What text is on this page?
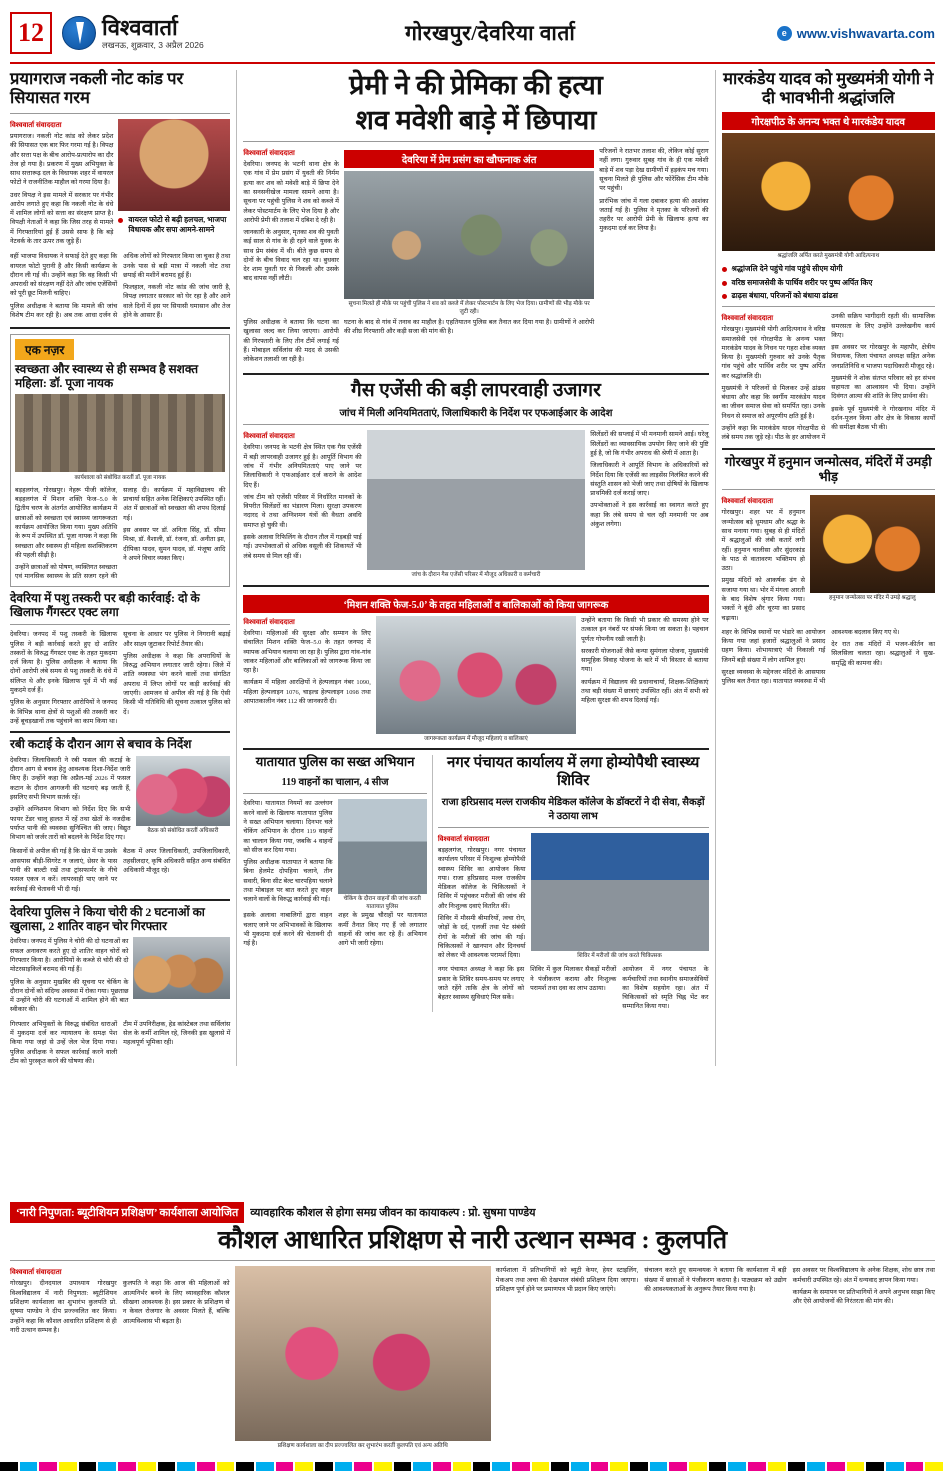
12	विश्ववार्ता
लखनऊ, शुक्रवार, 3 अप्रैल 2026	गोरखपुर/देवरिया वार्ता	e www.vishwavarta.com
प्रयागराज नकली नोट कांड पर सियासत गरम
विश्ववार्ता संवाददाता

प्रयागराज। नकली नोट कांड को लेकर प्रदेश की सियासत एक बार फिर गरमा गई है। विपक्ष और सत्ता पक्ष के बीच आरोप-प्रत्यारोप का दौर तेज हो गया है। प्रकरण में मुख्य अभियुक्त के साथ सत्तारूढ़ दल के विधायक शहर में वायरल फोटो ने राजनीतिक माहौल को गरमा दिया है।

उधर विपक्ष ने इस मामले में सरकार पर गंभीर आरोप लगाते हुए कहा कि नकली नोट के धंधे में शामिल लोगों को सत्ता का संरक्षण प्राप्त है। विपक्षी नेताओं ने कहा कि जिस तरह से मामले में गिरफ्तारियां हुई हैं उससे साफ है कि बड़े नेटवर्क के तार ऊपर तक जुड़े हैं।

वायरल फोटो से बढ़ी हलचल, भाजपा विधायक और सपा आमने-सामने

वहीं भाजपा विधायक ने सफाई देते हुए कहा कि वायरल फोटो पुरानी है और किसी कार्यक्रम के दौरान ली गई थी। उन्होंने कहा कि वह किसी भी अपराधी को संरक्षण नहीं देते और जांच एजेंसियों को पूरी छूट मिलनी चाहिए।

पुलिस अधीक्षक ने बताया कि मामले की जांच विशेष टीम कर रही है। अब तक आधा दर्जन से अधिक लोगों को गिरफ्तार किया जा चुका है तथा उनके पास से बड़ी मात्रा में नकली नोट तथा छपाई की मशीनें बरामद हुई हैं।

फिलहाल, नकली नोट कांड की जांच जारी है, विपक्ष लगातार सरकार को घेर रहा है और आने वाले दिनों में इस पर सियासी घमासान और तेज होने के आसार हैं।

एक नज़र
स्वच्छता और स्वास्थ्य से ही सम्भव है सशक्त महिला: डॉ. पूजा नायक
कार्यशाला को संबोधित करतीं डॉ. पूजा नायक

बड़हलगंज, गोरखपुर। नेहरू पीजी कॉलेज, बड़हलगंज में मिशन शक्ति फेज–5.0 के द्वितीय चरण के अंतर्गत आयोजित कार्यक्रम में छात्राओं को स्वच्छता एवं स्वास्थ्य जागरूकता कार्यक्रम आयोजित किया गया। मुख्य अतिथि के रूप में उपस्थित डॉ. पूजा नायक ने कहा कि स्वच्छता और स्वास्थ्य ही महिला सशक्तिकरण की पहली सीढ़ी है।

उन्होंने छात्राओं को पोषण, व्यक्तिगत स्वच्छता एवं मानसिक स्वास्थ्य के प्रति सजग रहने की सलाह दी। कार्यक्रम में महाविद्यालय की प्राचार्या सहित अनेक शिक्षिकाएं उपस्थित रहीं। अंत में छात्राओं को स्वच्छता की शपथ दिलाई गई।

इस अवसर पर डॉ. अनिता सिंह, डॉ. सीमा मिश्रा, डॉ. वैशाली, डॉ. रंजना, डॉ. अनीता झा, दीपिका यादव, सुमन यादव, डॉ. मंजूषा आदि ने अपने विचार व्यक्त किए।

देवरिया में पशु तस्करी पर बड़ी कार्रवाई: दो के खिलाफ गैंगस्टर एक्ट लगा

देवरिया। जनपद में पशु तस्करी के खिलाफ पुलिस ने बड़ी कार्रवाई करते हुए दो शातिर तस्करों के विरुद्ध गैंगस्टर एक्ट के तहत मुकदमा दर्ज किया है। पुलिस अधीक्षक ने बताया कि दोनों आरोपी लंबे समय से पशु तस्करी के धंधे में संलिप्त थे और इनके खिलाफ पूर्व में भी कई मुकदमे दर्ज हैं।

पुलिस के अनुसार गिरफ्तार आरोपियों ने जनपद के विभिन्न थाना क्षेत्रों से पशुओं की तस्करी कर उन्हें बूचड़खानों तक पहुंचाने का काम किया था। सूचना के आधार पर पुलिस ने निगरानी बढ़ाई और साक्ष्य जुटाकर रिपोर्ट तैयार की।

पुलिस अधीक्षक ने कहा कि अपराधियों के विरुद्ध अभियान लगातार जारी रहेगा। जिले में शांति व्यवस्था भंग करने वालों तथा संगठित अपराध में लिप्त लोगों पर कड़ी कार्रवाई की जाएगी। आमजन से अपील की गई है कि ऐसी किसी भी गतिविधि की सूचना तत्काल पुलिस को दें।

रबी कटाई के दौरान आग से बचाव के निर्देश

देवरिया। जिलाधिकारी ने रबी फसल की कटाई के दौरान आग से बचाव हेतु आवश्यक दिशा-निर्देश जारी किए हैं। उन्होंने कहा कि अप्रैल-मई 2026 में फसल कटान के दौरान आगजनी की घटनाएं बढ़ जाती हैं, इसलिए सभी विभाग सतर्क रहें।

उन्होंने अग्निशमन विभाग को निर्देश दिए कि सभी फायर टेंडर चालू हालत में रहें तथा खेतों के नजदीक पर्याप्त पानी की व्यवस्था सुनिश्चित की जाए। विद्युत विभाग को जर्जर तारों को बदलने के निर्देश दिए गए।

बैठक को संबोधित करतीं अधिकारी

किसानों से अपील की गई है कि खेत में या उसके आसपास बीड़ी-सिगरेट न जलाएं, थ्रेसर के पास पानी की बाल्टी रखें तथा ट्रांसफार्मर के नीचे फसल एकत्र न करें। लापरवाही पाए जाने पर कार्रवाई की चेतावनी भी दी गई।

बैठक में अपर जिलाधिकारी, उपजिलाधिकारी, तहसीलदार, कृषि अधिकारी सहित अन्य संबंधित अधिकारी मौजूद रहे।

देवरिया पुलिस ने किया चोरी की 2 घटनाओं का खुलासा, 2 शातिर वाहन चोर गिरफ्तार

देवरिया। जनपद में पुलिस ने चोरी की दो घटनाओं का सफल अनावरण करते हुए दो शातिर वाहन चोरों को गिरफ्तार किया है। आरोपियों के कब्जे से चोरी की दो मोटरसाइकिलें बरामद की गई हैं।

पुलिस के अनुसार मुखबिर की सूचना पर चेकिंग के दौरान दोनों को संदिग्ध अवस्था में रोका गया। पूछताछ में उन्होंने चोरी की घटनाओं में शामिल होने की बात स्वीकार की।

गिरफ्तार अभियुक्तों के विरुद्ध संबंधित धाराओं में मुकदमा दर्ज कर न्यायालय के समक्ष पेश किया गया जहां से उन्हें जेल भेज दिया गया। पुलिस अधीक्षक ने सफल कार्रवाई करने वाली टीम को पुरस्कृत करने की घोषणा की।

टीम में उपनिरीक्षक, हेड कांस्टेबल तथा सर्विलांस सेल के कर्मी शामिल रहे, जिनकी इस खुलासे में महत्वपूर्ण भूमिका रही।

प्रेमी ने की प्रेमिका की हत्या
शव मवेशी बाड़े में छिपाया
विश्ववार्ता संवाददाता

देवरिया। जनपद के भटनी थाना क्षेत्र के एक गांव में प्रेम प्रसंग में युवती की निर्मम हत्या कर शव को मवेशी बाड़े में छिपा देने का सनसनीखेज मामला सामने आया है। सूचना पर पहुंची पुलिस ने शव को कब्जे में लेकर पोस्टमार्टम के लिए भेज दिया है और आरोपी प्रेमी की तलाश में दबिश दे रही है।

जानकारी के अनुसार, मृतका शव की युवती कई साल से गांव के ही रहने वाले युवक के साथ प्रेम संबंध में थी। बीते कुछ समय से दोनों के बीच विवाद चल रहा था। बुधवार देर शाम युवती घर से निकली और उसके बाद वापस नहीं लौटी।

देवरिया में प्रेम प्रसंग का खौफनाक अंत
सूचना मिलते ही मौके पर पहुंची पुलिस ने शव को कब्जे में लेकर पोस्टमार्टम के लिए भेज दिया। ग्रामीणों की भीड़ मौके पर जुटी रही।

परिजनों ने रातभर तलाश की, लेकिन कोई सुराग नहीं लगा। गुरुवार सुबह गांव के ही एक मवेशी बाड़े में शव पड़ा देख ग्रामीणों में हड़कंप मच गया। सूचना मिलते ही पुलिस और फोरेंसिक टीम मौके पर पहुंची।

प्रारंभिक जांच में गला दबाकर हत्या की आशंका जताई गई है। पुलिस ने मृतका के परिजनों की तहरीर पर आरोपी प्रेमी के खिलाफ हत्या का मुकदमा दर्ज कर लिया है।

पुलिस अधीक्षक ने बताया कि घटना का खुलासा जल्द कर लिया जाएगा। आरोपी की गिरफ्तारी के लिए तीन टीमें लगाई गई हैं। मोबाइल सर्विलांस की मदद से उसकी लोकेशन तलाशी जा रही है।

घटना के बाद से गांव में तनाव का माहौल है। एहतियातन पुलिस बल तैनात कर दिया गया है। ग्रामीणों ने आरोपी की शीघ्र गिरफ्तारी और कड़ी सजा की मांग की है।

गैस एजेंसी की बड़ी लापरवाही उजागर
जांच में मिली अनियमितताएं, जिलाधिकारी के निर्देश पर एफआईआर के आदेश
विश्ववार्ता संवाददाता

देवरिया। जनपद के भटनी क्षेत्र स्थित एक गैस एजेंसी में बड़ी लापरवाही उजागर हुई है। आपूर्ति विभाग की जांच में गंभीर अनियमितताएं पाए जाने पर जिलाधिकारी ने एफआईआर दर्ज कराने के आदेश दिए हैं।

जांच टीम को एजेंसी परिसर में निर्धारित मानकों के विपरीत सिलेंडरों का भंडारण मिला। सुरक्षा उपकरण नदारद थे तथा अग्निशमन यंत्रों की वैधता अवधि समाप्त हो चुकी थी।

इसके अलावा रिफिलिंग के दौरान तौल में गड़बड़ी पाई गई। उपभोक्ताओं से अधिक वसूली की शिकायतें भी लंबे समय से मिल रही थीं।

जांच के दौरान गैस एजेंसी परिसर में मौजूद अधिकारी व कर्मचारी

सिलेंडरों की सप्लाई में भी मनमानी सामने आई। घरेलू सिलेंडरों का व्यावसायिक उपयोग किए जाने की पुष्टि हुई है, जो कि गंभीर अपराध की श्रेणी में आता है।

जिलाधिकारी ने आपूर्ति विभाग के अधिकारियों को निर्देश दिया कि एजेंसी का लाइसेंस निलंबित करने की संस्तुति शासन को भेजी जाए तथा दोषियों के खिलाफ प्राथमिकी दर्ज कराई जाए।

उपभोक्ताओं ने इस कार्रवाई का स्वागत करते हुए कहा कि लंबे समय से चल रही मनमानी पर अब अंकुश लगेगा।

‘मिशन शक्ति फेज-5.0’ के तहत महिलाओं व बालिकाओं को किया जागरूक
विश्ववार्ता संवाददाता

देवरिया। महिलाओं की सुरक्षा और सम्मान के लिए संचालित मिशन शक्ति फेज–5.0 के तहत जनपद में व्यापक अभियान चलाया जा रहा है। पुलिस द्वारा गांव-गांव जाकर महिलाओं और बालिकाओं को जागरूक किया जा रहा है।

कार्यक्रम में महिला आरक्षियों ने हेल्पलाइन नंबर 1090, महिला हेल्पलाइन 1076, चाइल्ड हेल्पलाइन 1098 तथा आपातकालीन नंबर 112 की जानकारी दी।

जागरूकता कार्यक्रम में मौजूद महिलाएं व बालिकाएं

उन्होंने बताया कि किसी भी प्रकार की समस्या होने पर तत्काल इन नंबरों पर संपर्क किया जा सकता है। पहचान पूर्णतः गोपनीय रखी जाती है।

सरकारी योजनाओं जैसे कन्या सुमंगला योजना, मुख्यमंत्री सामूहिक विवाह योजना के बारे में भी विस्तार से बताया गया।

कार्यक्रम में विद्यालय की प्रधानाचार्या, शिक्षक-शिक्षिकाएं तथा बड़ी संख्या में छात्राएं उपस्थित रहीं। अंत में सभी को महिला सुरक्षा की शपथ दिलाई गई।

यातायात पुलिस का सख्त अभियान
119 वाहनों का चालान, 4 सीज

देवरिया। यातायात नियमों का उल्लंघन करने वालों के खिलाफ यातायात पुलिस ने सख्त अभियान चलाया। दिनभर चले चेकिंग अभियान के दौरान 119 वाहनों का चालान किया गया, जबकि 4 वाहनों को सीज कर दिया गया।

पुलिस अधीक्षक यातायात ने बताया कि बिना हेलमेट दोपहिया चलाने, तीन सवारी, बिना सीट बेल्ट चारपहिया चलाने तथा मोबाइल पर बात करते हुए वाहन चलाने वालों के विरुद्ध कार्रवाई की गई।	चेकिंग के दौरान वाहनों की जांच करती यातायात पुलिस

इसके अलावा नाबालिगों द्वारा वाहन चलाए जाने पर अभिभावकों के खिलाफ भी मुकदमा दर्ज करने की चेतावनी दी गई है।

शहर के प्रमुख चौराहों पर यातायात कर्मी तैनात किए गए हैं जो लगातार वाहनों की जांच कर रहे हैं। अभियान आगे भी जारी रहेगा।

नगर पंचायत कार्यालय में लगा होम्योपैथी स्वास्थ्य शिविर
राजा हरिप्रसाद मल्ल राजकीय मेडिकल कॉलेज के डॉक्टरों ने दी सेवा, सैकड़ों ने उठाया लाभ
विश्ववार्ता संवाददाता

बड़हलगंज, गोरखपुर। नगर पंचायत कार्यालय परिसर में निःशुल्क होम्योपैथी स्वास्थ्य शिविर का आयोजन किया गया। राजा हरिप्रसाद मल्ल राजकीय मेडिकल कॉलेज के चिकित्सकों ने शिविर में पहुंचकर मरीजों की जांच की और निःशुल्क दवाएं वितरित कीं।

शिविर में मौसमी बीमारियों, त्वचा रोग, जोड़ों के दर्द, एलर्जी तथा पेट संबंधी रोगों के मरीजों की जांच की गई। चिकित्सकों ने खानपान और दिनचर्या को लेकर भी आवश्यक परामर्श दिया।	शिविर में मरीजों की जांच करते चिकित्सक

नगर पंचायत अध्यक्ष ने कहा कि इस प्रकार के शिविर समय-समय पर लगाए जाते रहेंगे ताकि क्षेत्र के लोगों को बेहतर स्वास्थ्य सुविधाएं मिल सकें।

शिविर में कुल मिलाकर सैकड़ों मरीजों ने पंजीकरण कराया और निःशुल्क परामर्श तथा दवा का लाभ उठाया।

आयोजन में नगर पंचायत के कर्मचारियों तथा स्थानीय समाजसेवियों का विशेष सहयोग रहा। अंत में चिकित्सकों को स्मृति चिह्न भेंट कर सम्मानित किया गया।

मारकंडेय यादव को मुख्यमंत्री योगी ने दी भावभीनी श्रद्धांजलि
गोरक्षपीठ के अनन्य भक्त थे मारकंडेय यादव
श्रद्धांजलि अर्पित करते मुख्यमंत्री योगी आदित्यनाथ
श्रद्धांजलि देने पहुंचे गांव पहुंचे सीएम योगी
वरिष्ठ समाजसेवी के पार्थिव शरीर पर पुष्प अर्पित किए
ढाढ़स बंधाया, परिजनों को बंधाया ढांढस
विश्ववार्ता संवाददाता

गोरखपुर। मुख्यमंत्री योगी आदित्यनाथ ने वरिष्ठ समाजसेवी एवं गोरक्षपीठ के अनन्य भक्त मारकंडेय यादव के निधन पर गहरा शोक व्यक्त किया है। मुख्यमंत्री गुरुवार को उनके पैतृक गांव पहुंचे और पार्थिव शरीर पर पुष्प अर्पित कर श्रद्धांजलि दी।

मुख्यमंत्री ने परिजनों से मिलकर उन्हें ढांढस बंधाया और कहा कि स्वर्गीय मारकंडेय यादव का जीवन समाज सेवा को समर्पित रहा। उनके निधन से समाज को अपूरणीय क्षति हुई है।

उन्होंने कहा कि मारकंडेय यादव गोरक्षपीठ से लंबे समय तक जुड़े रहे। पीठ के हर आयोजन में उनकी सक्रिय भागीदारी रहती थी। सामाजिक समरसता के लिए उन्होंने उल्लेखनीय कार्य किए।

इस अवसर पर गोरखपुर के महापौर, क्षेत्रीय विधायक, जिला पंचायत अध्यक्ष सहित अनेक जनप्रतिनिधि व भाजपा पदाधिकारी मौजूद रहे।

मुख्यमंत्री ने शोक संतप्त परिवार को हर संभव सहायता का आश्वासन भी दिया। उन्होंने दिवंगत आत्मा की शांति के लिए प्रार्थना की।

इसके पूर्व मुख्यमंत्री ने गोरखनाथ मंदिर में दर्शन-पूजन किया और क्षेत्र के विकास कार्यों की समीक्षा बैठक भी की।

गोरखपुर में हनुमान जन्मोत्सव, मंदिरों में उमड़ी भीड़
विश्ववार्ता संवाददाता

गोरखपुर। शहर भर में हनुमान जन्मोत्सव बड़े धूमधाम और श्रद्धा के साथ मनाया गया। सुबह से ही मंदिरों में श्रद्धालुओं की लंबी कतारें लगी रहीं। हनुमान चालीसा और सुंदरकांड के पाठ से वातावरण भक्तिमय हो उठा।

प्रमुख मंदिरों को आकर्षक ढंग से सजाया गया था। भोर में मंगला आरती के बाद विशेष श्रृंगार किया गया। भक्तों ने बूंदी और चूरमा का प्रसाद चढ़ाया।

हनुमान जन्मोत्सव पर मंदिर में उमड़े श्रद्धालु

शहर के विभिन्न स्थानों पर भंडारे का आयोजन किया गया जहां हजारों श्रद्धालुओं ने प्रसाद ग्रहण किया। शोभायात्राएं भी निकाली गईं जिनमें बड़ी संख्या में लोग शामिल हुए।

सुरक्षा व्यवस्था के मद्देनजर मंदिरों के आसपास पुलिस बल तैनात रहा। यातायात व्यवस्था में भी आवश्यक बदलाव किए गए थे।

देर रात तक मंदिरों में भजन-कीर्तन का सिलसिला चलता रहा। श्रद्धालुओं ने सुख-समृद्धि की कामना की।

‘नारी निपुणता: ब्यूटीशियन प्रशिक्षण’ कार्यशाला आयोजित	व्यावहारिक कौशल से होगा समग्र जीवन का कायाकल्प : प्रो. सुषमा पाण्डेय
कौशल आधारित प्रशिक्षण से नारी उत्थान सम्भव : कुलपति
विश्ववार्ता संवाददाता

गोरखपुर। दीनदयाल उपाध्याय गोरखपुर विश्वविद्यालय में नारी निपुणता: ब्यूटीशियन प्रशिक्षण कार्यशाला का शुभारंभ कुलपति प्रो. सुषमा पाण्डेय ने दीप प्रज्ज्वलित कर किया। उन्होंने कहा कि कौशल आधारित प्रशिक्षण से ही नारी उत्थान सम्भव है।

कुलपति ने कहा कि आज की महिलाओं को आत्मनिर्भर बनने के लिए व्यावहारिक कौशल सीखना आवश्यक है। इस प्रकार के प्रशिक्षण से न केवल रोजगार के अवसर मिलते हैं, बल्कि आत्मविश्वास भी बढ़ता है।

प्रशिक्षण कार्यशाला का दीप प्रज्ज्वलित कर शुभारंभ करतीं कुलपति एवं अन्य अतिथि

कार्यशाला में प्रतिभागियों को ब्यूटी केयर, हेयर स्टाइलिंग, मेकअप तथा त्वचा की देखभाल संबंधी प्रशिक्षण दिया जाएगा। प्रशिक्षण पूर्ण होने पर प्रमाणपत्र भी प्रदान किए जाएंगे।

संचालन करते हुए समन्वयक ने बताया कि कार्यशाला में बड़ी संख्या में छात्राओं ने पंजीकरण कराया है। पाठ्यक्रम को उद्योग की आवश्यकताओं के अनुरूप तैयार किया गया है।

इस अवसर पर विश्वविद्यालय के अनेक शिक्षक, शोध छात्र तथा कर्मचारी उपस्थित रहे। अंत में धन्यवाद ज्ञापन किया गया।

कार्यक्रम के समापन पर प्रतिभागियों ने अपने अनुभव साझा किए और ऐसे आयोजनों की निरंतरता की मांग की।
